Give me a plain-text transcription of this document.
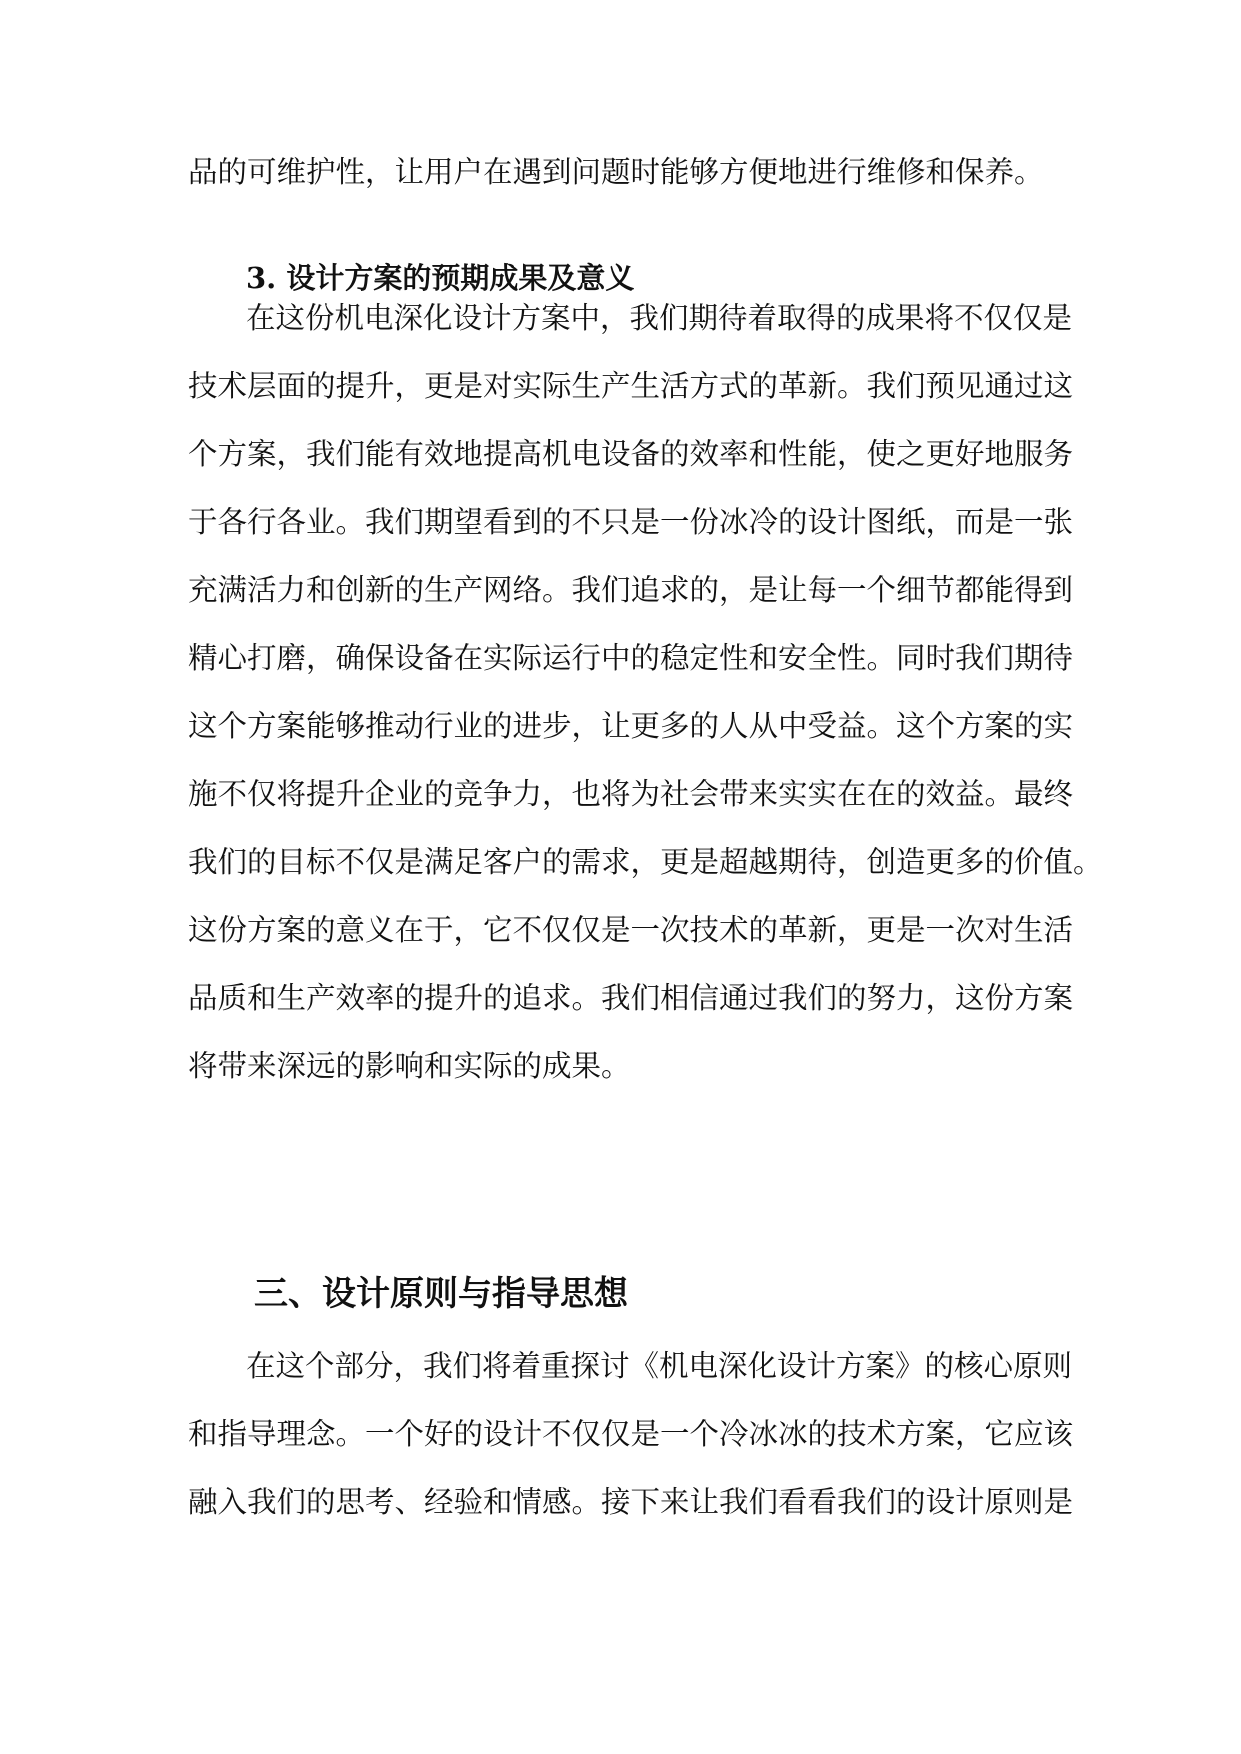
品的可维护性，让用户在遇到问题时能够方便地进行维修和保养。
3. 设计方案的预期成果及意义
在这份机电深化设计方案中，我们期待着取得的成果将不仅仅是
技术层面的提升，更是对实际生产生活方式的革新。我们预见通过这
个方案，我们能有效地提高机电设备的效率和性能，使之更好地服务
于各行各业。我们期望看到的不只是一份冰冷的设计图纸，而是一张
充满活力和创新的生产网络。我们追求的，是让每一个细节都能得到
精心打磨，确保设备在实际运行中的稳定性和安全性。同时我们期待
这个方案能够推动行业的进步，让更多的人从中受益。这个方案的实
施不仅将提升企业的竞争力，也将为社会带来实实在在的效益。最终
我们的目标不仅是满足客户的需求，更是超越期待，创造更多的价值。
这份方案的意义在于，它不仅仅是一次技术的革新，更是一次对生活
品质和生产效率的提升的追求。我们相信通过我们的努力，这份方案
将带来深远的影响和实际的成果。
三、设计原则与指导思想
在这个部分，我们将着重探讨《机电深化设计方案》的核心原则
和指导理念。一个好的设计不仅仅是一个冷冰冰的技术方案，它应该
融入我们的思考、经验和情感。接下来让我们看看我们的设计原则是
